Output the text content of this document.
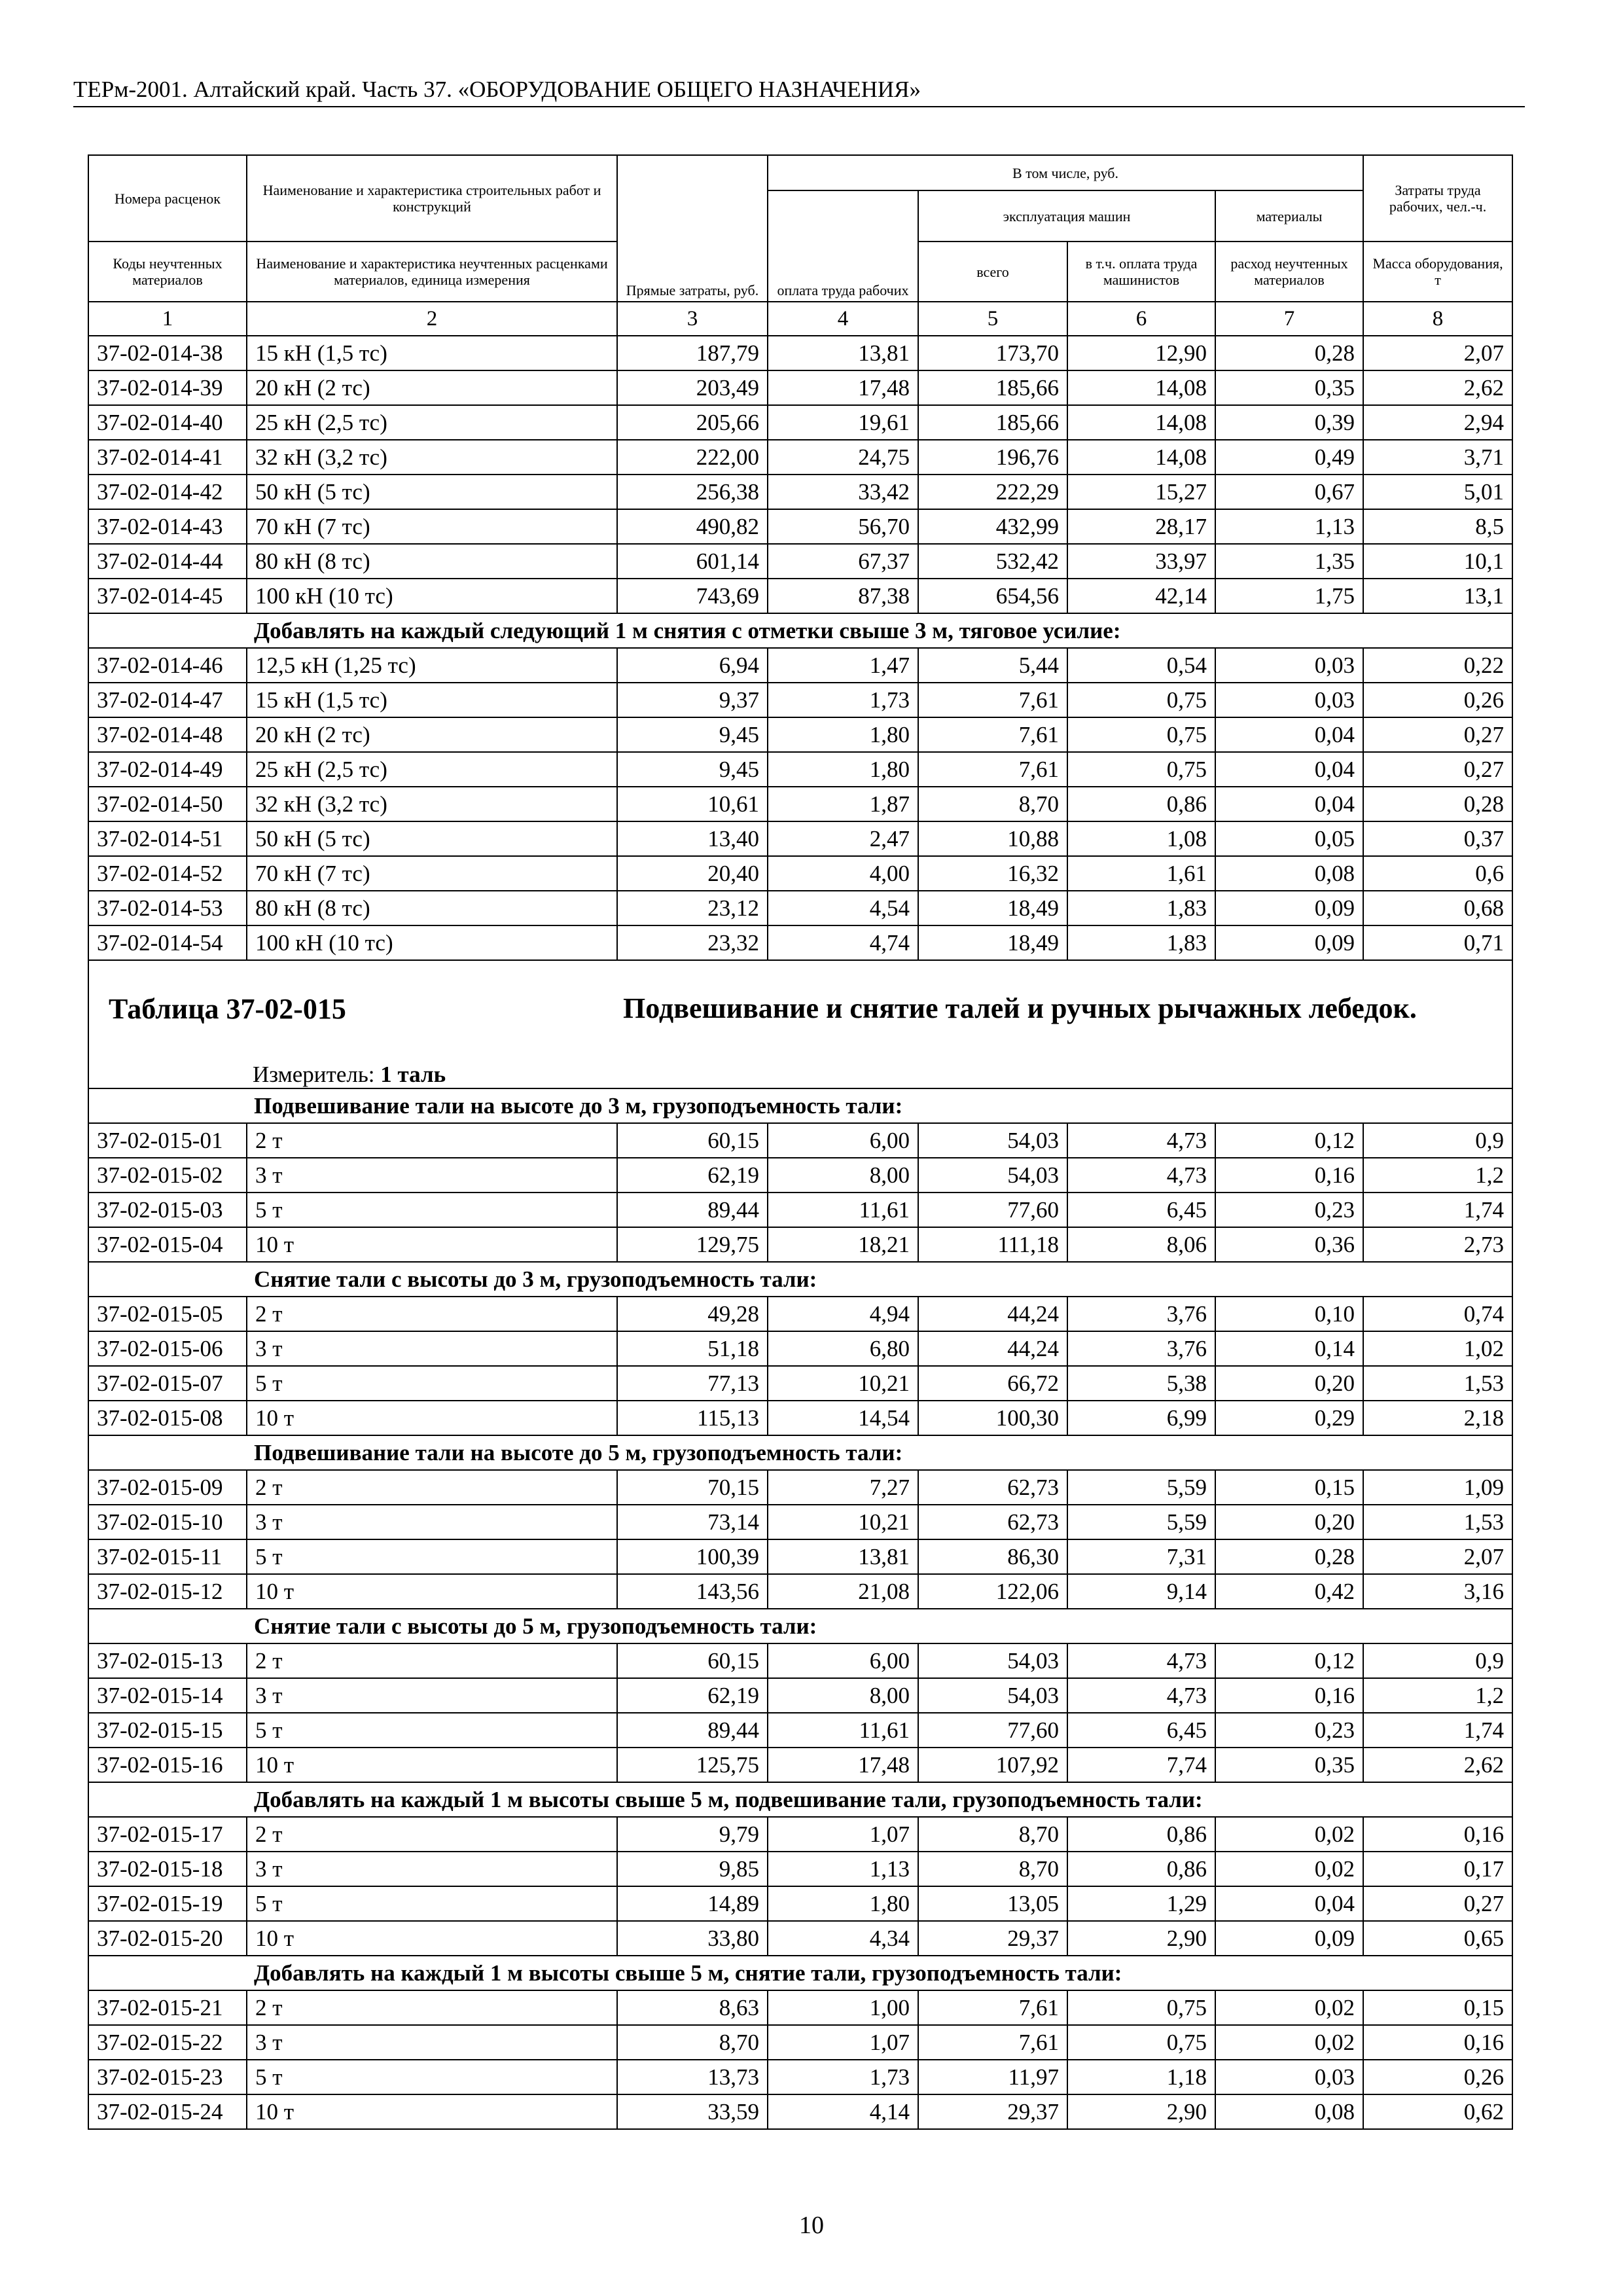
ТЕРм-2001. Алтайский край. Часть 37. «ОБОРУДОВАНИЕ ОБЩЕГО НАЗНАЧЕНИЯ»
Номера расценок	Наименование и характеристика строительных работ и конструкций	Прямые затраты, руб.	В том числе, руб.				Затраты труда рабочих, чел.-ч.
			оплата труда рабочих	эксплуатация машин		материалы	
Коды неучтенных материалов	Наименование и характеристика неучтенных расценками материалов, единица измерения			всего	в т.ч. оплата труда машинистов	расход неучтенных материалов	Масса оборудования, т
1	2	3	4	5	6	7	8
37-02-014-38	15 кН (1,5 тс)	187,79	13,81	173,70	12,90	0,28	2,07
37-02-014-39	20 кН (2 тс)	203,49	17,48	185,66	14,08	0,35	2,62
37-02-014-40	25 кН (2,5 тс)	205,66	19,61	185,66	14,08	0,39	2,94
37-02-014-41	32 кН (3,2 тс)	222,00	24,75	196,76	14,08	0,49	3,71
37-02-014-42	50 кН (5 тс)	256,38	33,42	222,29	15,27	0,67	5,01
37-02-014-43	70 кН (7 тс)	490,82	56,70	432,99	28,17	1,13	8,5
37-02-014-44	80 кН (8 тс)	601,14	67,37	532,42	33,97	1,35	10,1
37-02-014-45	100 кН (10 тс)	743,69	87,38	654,56	42,14	1,75	13,1
Добавлять на каждый следующий 1 м снятия с отметки свыше 3 м, тяговое усилие:							
37-02-014-46	12,5 кН (1,25 тс)	6,94	1,47	5,44	0,54	0,03	0,22
37-02-014-47	15 кН (1,5 тс)	9,37	1,73	7,61	0,75	0,03	0,26
37-02-014-48	20 кН (2 тс)	9,45	1,80	7,61	0,75	0,04	0,27
37-02-014-49	25 кН (2,5 тс)	9,45	1,80	7,61	0,75	0,04	0,27
37-02-014-50	32 кН (3,2 тс)	10,61	1,87	8,70	0,86	0,04	0,28
37-02-014-51	50 кН (5 тс)	13,40	2,47	10,88	1,08	0,05	0,37
37-02-014-52	70 кН (7 тс)	20,40	4,00	16,32	1,61	0,08	0,6
37-02-014-53	80 кН (8 тс)	23,12	4,54	18,49	1,83	0,09	0,68
37-02-014-54	100 кН (10 тс)	23,32	4,74	18,49	1,83	0,09	0,71

Таблица 37-02-015 Подвешивание и снятие талей и ручных рычажных лебедок.
Измеритель: 1 таль							

Подвешивание тали на высоте до 3 м, грузоподъемность тали:							
37-02-015-01	2 т	60,15	6,00	54,03	4,73	0,12	0,9
37-02-015-02	3 т	62,19	8,00	54,03	4,73	0,16	1,2
37-02-015-03	5 т	89,44	11,61	77,60	6,45	0,23	1,74
37-02-015-04	10 т	129,75	18,21	111,18	8,06	0,36	2,73
Снятие тали с высоты до 3 м, грузоподъемность тали:							
37-02-015-05	2 т	49,28	4,94	44,24	3,76	0,10	0,74
37-02-015-06	3 т	51,18	6,80	44,24	3,76	0,14	1,02
37-02-015-07	5 т	77,13	10,21	66,72	5,38	0,20	1,53
37-02-015-08	10 т	115,13	14,54	100,30	6,99	0,29	2,18
Подвешивание тали на высоте до 5 м, грузоподъемность тали:							
37-02-015-09	2 т	70,15	7,27	62,73	5,59	0,15	1,09
37-02-015-10	3 т	73,14	10,21	62,73	5,59	0,20	1,53
37-02-015-11	5 т	100,39	13,81	86,30	7,31	0,28	2,07
37-02-015-12	10 т	143,56	21,08	122,06	9,14	0,42	3,16
Снятие тали с высоты до 5 м, грузоподъемность тали:							
37-02-015-13	2 т	60,15	6,00	54,03	4,73	0,12	0,9
37-02-015-14	3 т	62,19	8,00	54,03	4,73	0,16	1,2
37-02-015-15	5 т	89,44	11,61	77,60	6,45	0,23	1,74
37-02-015-16	10 т	125,75	17,48	107,92	7,74	0,35	2,62
Добавлять на каждый 1 м высоты свыше 5 м, подвешивание тали, грузоподъемность тали:							
37-02-015-17	2 т	9,79	1,07	8,70	0,86	0,02	0,16
37-02-015-18	3 т	9,85	1,13	8,70	0,86	0,02	0,17
37-02-015-19	5 т	14,89	1,80	13,05	1,29	0,04	0,27
37-02-015-20	10 т	33,80	4,34	29,37	2,90	0,09	0,65
Добавлять на каждый 1 м высоты свыше 5 м, снятие тали, грузоподъемность тали:							
37-02-015-21	2 т	8,63	1,00	7,61	0,75	0,02	0,15
37-02-015-22	3 т	8,70	1,07	7,61	0,75	0,02	0,16
37-02-015-23	5 т	13,73	1,73	11,97	1,18	0,03	0,26
37-02-015-24	10 т	33,59	4,14	29,37	2,90	0,08	0,62
10
